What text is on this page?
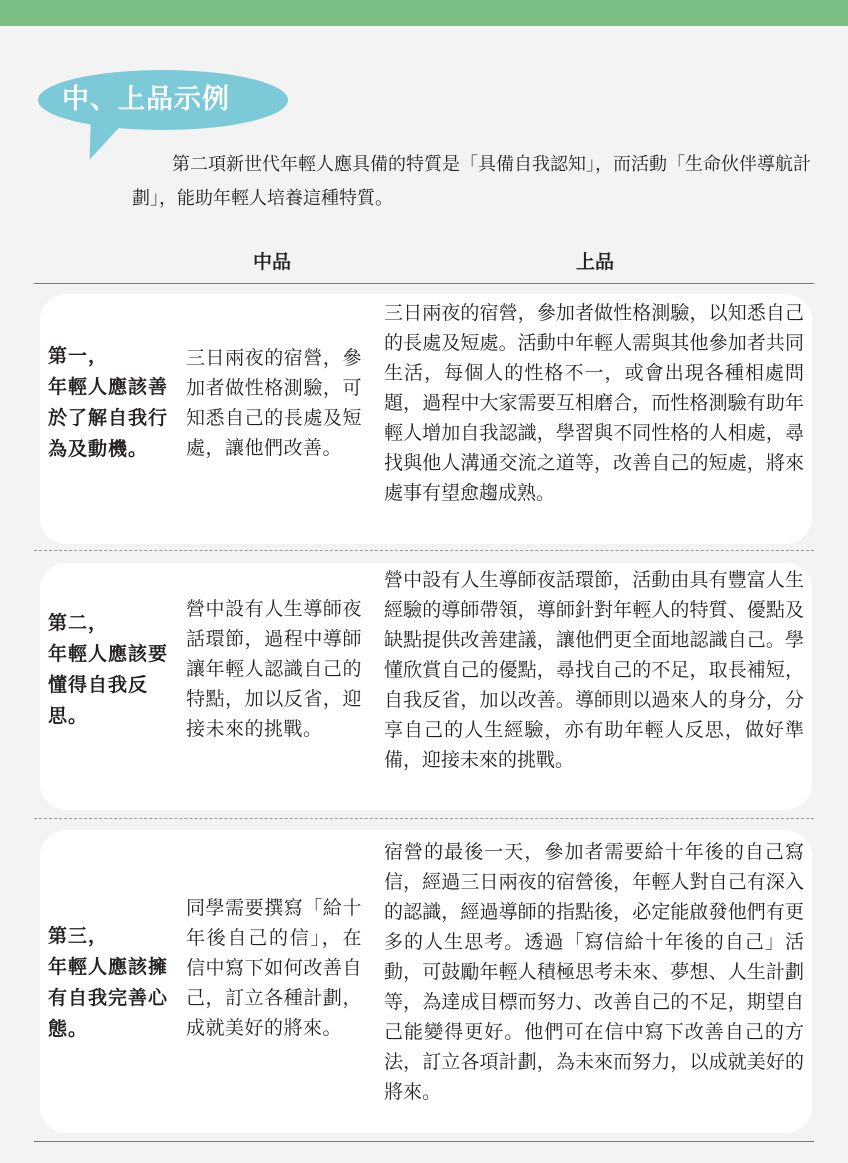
中、上品示例
第二項新世代年輕人應具備的特質是「具備自我認知」，而活動「生命伙伴導航計劃」，能助年輕人培養這種特質。
中品	上品
第一，
年輕人應該善於了解自我行為及動機。
三日兩夜的宿營，參加者做性格測驗，可知悉自己的長處及短處，讓他們改善。
三日兩夜的宿營，參加者做性格測驗，以知悉自己的長處及短處。活動中年輕人需與其他參加者共同生活，每個人的性格不一，或會出現各種相處問題，過程中大家需要互相磨合，而性格測驗有助年輕人增加自我認識，學習與不同性格的人相處，尋找與他人溝通交流之道等，改善自己的短處，將來處事有望愈趨成熟。
第二，
年輕人應該要懂得自我反思。
營中設有人生導師夜話環節，過程中導師讓年輕人認識自己的特點，加以反省，迎接未來的挑戰。
營中設有人生導師夜話環節，活動由具有豐富人生經驗的導師帶領，導師針對年輕人的特質、優點及缺點提供改善建議，讓他們更全面地認識自己。學懂欣賞自己的優點，尋找自己的不足，取長補短，自我反省，加以改善。導師則以過來人的身分，分享自己的人生經驗，亦有助年輕人反思，做好準備，迎接未來的挑戰。
第三，
年輕人應該擁有自我完善心態。
同學需要撰寫「給十年後自己的信」，在信中寫下如何改善自己，訂立各種計劃，成就美好的將來。
宿營的最後一天，參加者需要給十年後的自己寫信，經過三日兩夜的宿營後，年輕人對自己有深入的認識，經過導師的指點後，必定能啟發他們有更多的人生思考。透過「寫信給十年後的自己」活動，可鼓勵年輕人積極思考未來、夢想、人生計劃等，為達成目標而努力、改善自己的不足，期望自己能變得更好。他們可在信中寫下改善自己的方法，訂立各項計劃，為未來而努力，以成就美好的將來。
